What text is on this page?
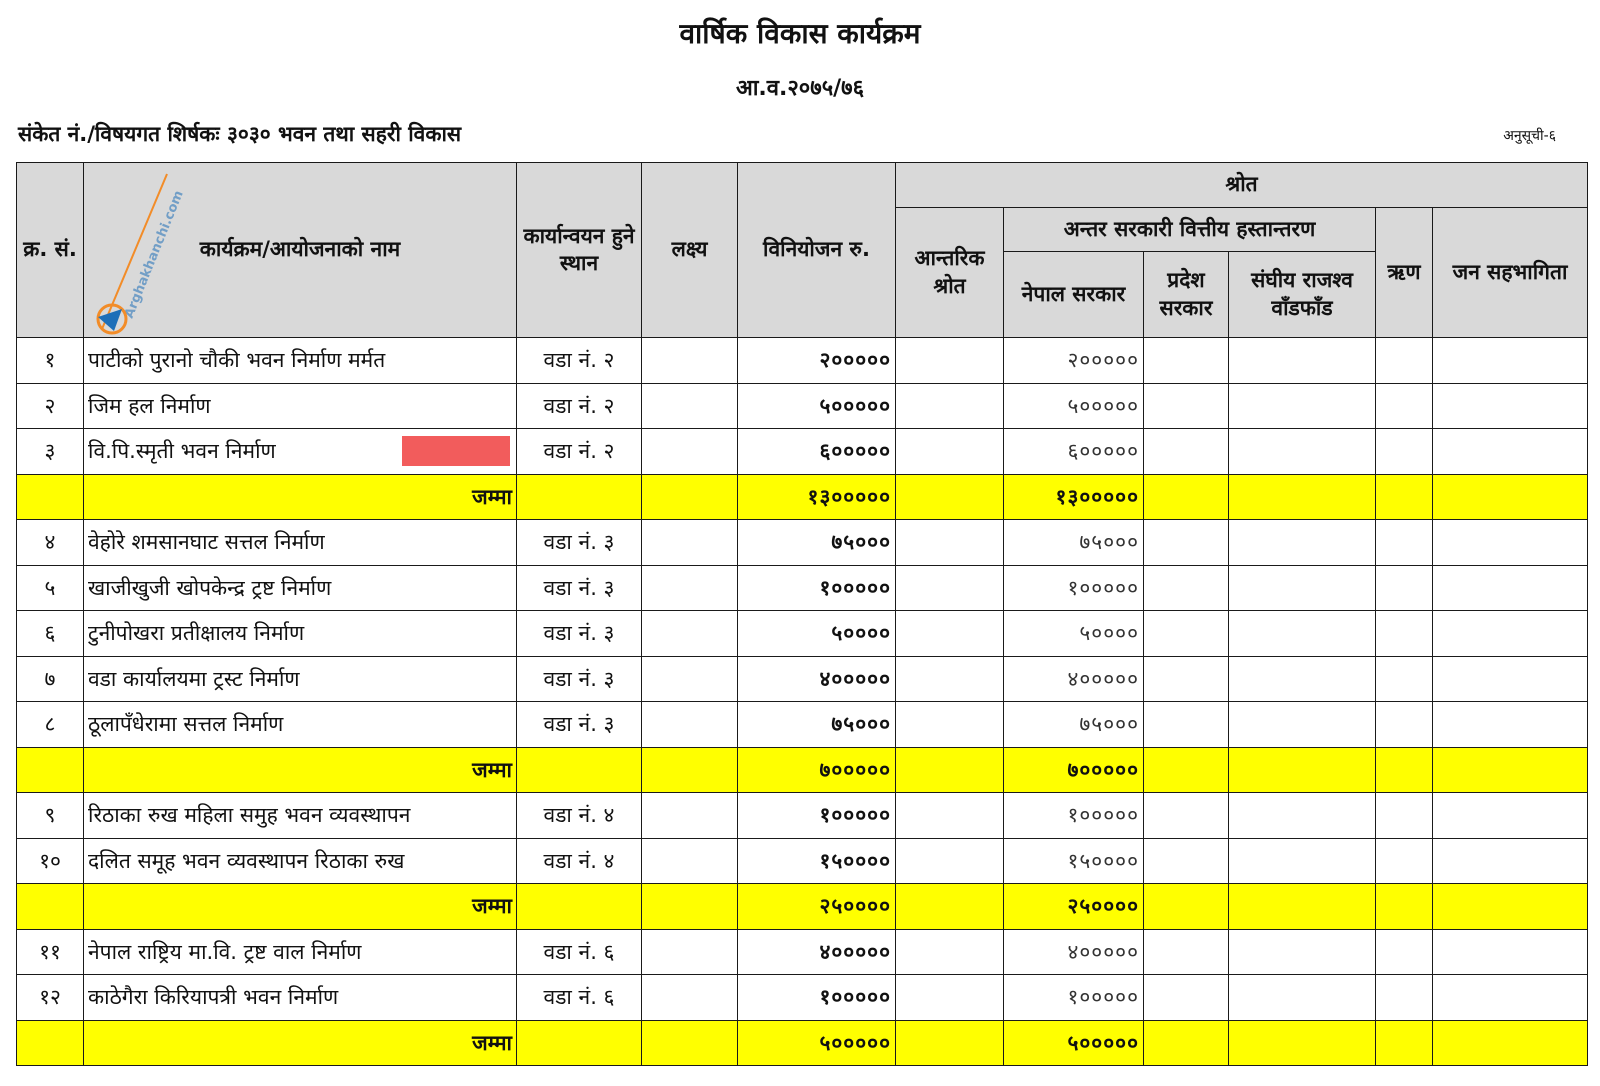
वार्षिक विकास कार्यक्रम
आ.व.२०७५/७६
संकेत नं./विषयगत शिर्षकः ३०३० भवन तथा सहरी विकास	अनुसूची-६
क्र. सं.	Arghakhanchi.com कार्यक्रम/आयोजनाको नाम	कार्यान्वयन हुने स्थान	लक्ष्य	विनियोजन रु.	श्रोत					
					आन्तरिक श्रोत	अन्तर सरकारी वित्तीय हस्तान्तरण			ऋण	जन सहभागिता
						नेपाल सरकार	प्रदेश सरकार	संघीय राजश्व वाँडफाँड		
१	पाटीको पुरानो चौकी भवन निर्माण मर्मत	वडा नं. २		२०००००		२०००००				
२	जिम हल निर्माण	वडा नं. २		५०००००		५०००००				
३	वि.पि.स्मृती भवन निर्माण	वडा नं. २		६०००००		६०००००				
	जम्मा			१३०००००		१३०००००				
४	वेहोरे शमसानघाट सत्तल निर्माण	वडा नं. ३		७५०००		७५०००				
५	खाजीखुजी खोपकेन्द्र ट्रष्ट निर्माण	वडा नं. ३		१०००००		१०००००				
६	टुनीपोखरा प्रतीक्षालय निर्माण	वडा नं. ३		५००००		५००००				
७	वडा कार्यालयमा ट्रस्ट निर्माण	वडा नं. ३		४०००००		४०००००				
८	ठूलापँधेरामा सत्तल निर्माण	वडा नं. ३		७५०००		७५०००				
	जम्मा			७०००००		७०००००				
९	रिठाका रुख महिला समुह भवन व्यवस्थापन	वडा नं. ४		१०००००		१०००००				
१०	दलित समूह भवन व्यवस्थापन रिठाका रुख	वडा नं. ४		१५००००		१५००००				
	जम्मा			२५००००		२५००००				
११	नेपाल राष्ट्रिय मा.वि. ट्रष्ट वाल निर्माण	वडा नं. ६		४०००००		४०००००				
१२	काठेगैरा किरियापत्री भवन निर्माण	वडा नं. ६		१०००००		१०००००				
	जम्मा			५०००००		५०००००				
